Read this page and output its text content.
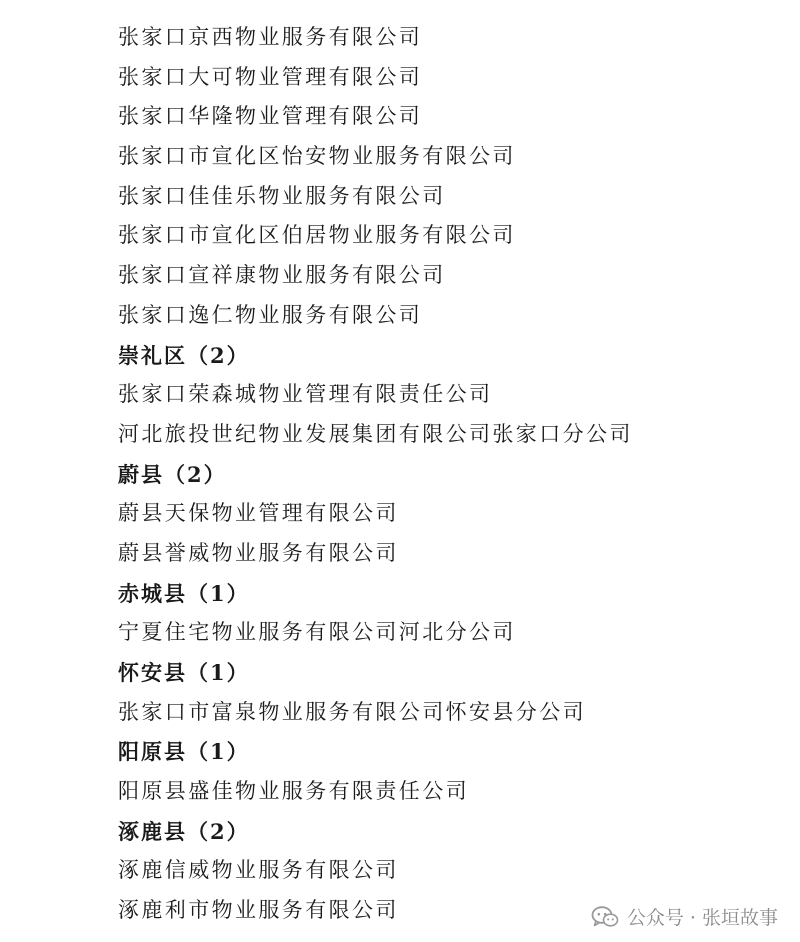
张家口京西物业服务有限公司
张家口大可物业管理有限公司
张家口华隆物业管理有限公司
张家口市宣化区怡安物业服务有限公司
张家口佳佳乐物业服务有限公司
张家口市宣化区伯居物业服务有限公司
张家口宣祥康物业服务有限公司
张家口逸仁物业服务有限公司
崇礼区（2）
张家口荣森城物业管理有限责任公司
河北旅投世纪物业发展集团有限公司张家口分公司
蔚县（2）
蔚县天保物业管理有限公司
蔚县誉威物业服务有限公司
赤城县（1）
宁夏住宅物业服务有限公司河北分公司
怀安县（1）
张家口市富泉物业服务有限公司怀安县分公司
阳原县（1）
阳原县盛佳物业服务有限责任公司
涿鹿县（2）
涿鹿信威物业服务有限公司
涿鹿利市物业服务有限公司	公众号 · 张垣故事
